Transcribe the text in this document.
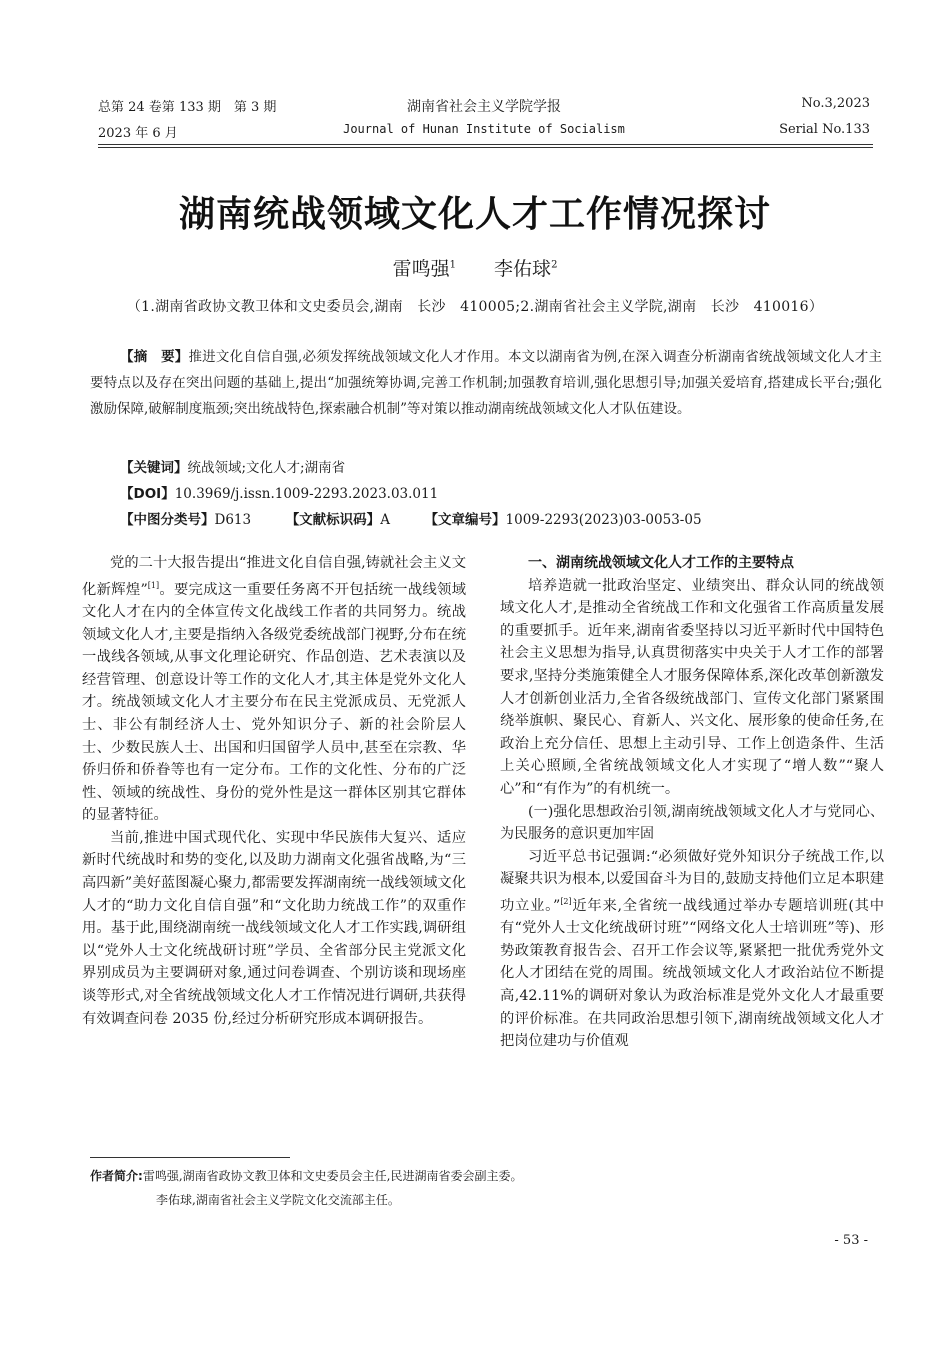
总第 24 卷第 133 期　第 3 期	湖南省社会主义学院学报	No.3,2023
2023 年 6 月	Journal of Hunan Institute of Socialism	Serial No.133
湖南统战领域文化人才工作情况探讨
雷鸣强$^1$ 李佑球$^2$
（1.湖南省政协文教卫体和文史委员会,湖南　长沙　410005;2.湖南省社会主义学院,湖南　长沙　410016）

【摘　要】推进文化自信自强,必须发挥统战领域文化人才作用。本文以湖南省为例,在深入调查分析湖南省统战领域文化人才主要特点以及存在突出问题的基础上,提出“加强统筹协调,完善工作机制;加强教育培训,强化思想引导;加强关爱培育,搭建成长平台;强化激励保障,破解制度瓶颈;突出统战特色,探索融合机制”等对策以推动湖南统战领域文化人才队伍建设。

【关键词】统战领域;文化人才;湖南省
【DOI】10.3969/j.issn.1009-2293.2023.03.011
【中图分类号】D613	【文献标识码】A	【文章编号】1009-2293(2023)03-0053-05

党的二十大报告提出“推进文化自信自强,铸就社会主义文化新辉煌”[1]。要完成这一重要任务离不开包括统一战线领域文化人才在内的全体宣传文化战线工作者的共同努力。统战领域文化人才,主要是指纳入各级党委统战部门视野,分布在统一战线各领域,从事文化理论研究、作品创造、艺术表演以及经营管理、创意设计等工作的文化人才,其主体是党外文化人才。统战领域文化人才主要分布在民主党派成员、无党派人士、非公有制经济人士、党外知识分子、新的社会阶层人士、少数民族人士、出国和归国留学人员中,甚至在宗教、华侨归侨和侨眷等也有一定分布。工作的文化性、分布的广泛性、领域的统战性、身份的党外性是这一群体区别其它群体的显著特征。

当前,推进中国式现代化、实现中华民族伟大复兴、适应新时代统战时和势的变化,以及助力湖南文化强省战略,为“三高四新”美好蓝图凝心聚力,都需要发挥湖南统一战线领域文化人才的“助力文化自信自强”和“文化助力统战工作”的双重作用。基于此,围绕湖南统一战线领域文化人才工作实践,调研组以“党外人士文化统战研讨班”学员、全省部分民主党派文化界别成员为主要调研对象,通过问卷调查、个别访谈和现场座谈等形式,对全省统战领域文化人才工作情况进行调研,共获得有效调查问卷 2035 份,经过分析研究形成本调研报告。

一、湖南统战领域文化人才工作的主要特点

培养造就一批政治坚定、业绩突出、群众认同的统战领域文化人才,是推动全省统战工作和文化强省工作高质量发展的重要抓手。近年来,湖南省委坚持以习近平新时代中国特色社会主义思想为指导,认真贯彻落实中央关于人才工作的部署要求,坚持分类施策健全人才服务保障体系,深化改革创新激发人才创新创业活力,全省各级统战部门、宣传文化部门紧紧围绕举旗帜、聚民心、育新人、兴文化、展形象的使命任务,在政治上充分信任、思想上主动引导、工作上创造条件、生活上关心照顾,全省统战领域文化人才实现了“增人数”“聚人心”和“有作为”的有机统一。

(一)强化思想政治引领,湖南统战领域文化人才与党同心、为民服务的意识更加牢固

习近平总书记强调:“必须做好党外知识分子统战工作,以凝聚共识为根本,以爱国奋斗为目的,鼓励支持他们立足本职建功立业。”[2]近年来,全省统一战线通过举办专题培训班(其中有“党外人士文化统战研讨班”“网络文化人士培训班”等)、形势政策教育报告会、召开工作会议等,紧紧把一批优秀党外文化人才团结在党的周围。统战领域文化人才政治站位不断提高,42.11%的调研对象认为政治标准是党外文化人才最重要的评价标准。在共同政治思想引领下,湖南统战领域文化人才把岗位建功与价值观

作者简介:雷鸣强,湖南省政协文教卫体和文史委员会主任,民进湖南省委会副主委。
李佑球,湖南省社会主义学院文化交流部主任。
- 53 -
